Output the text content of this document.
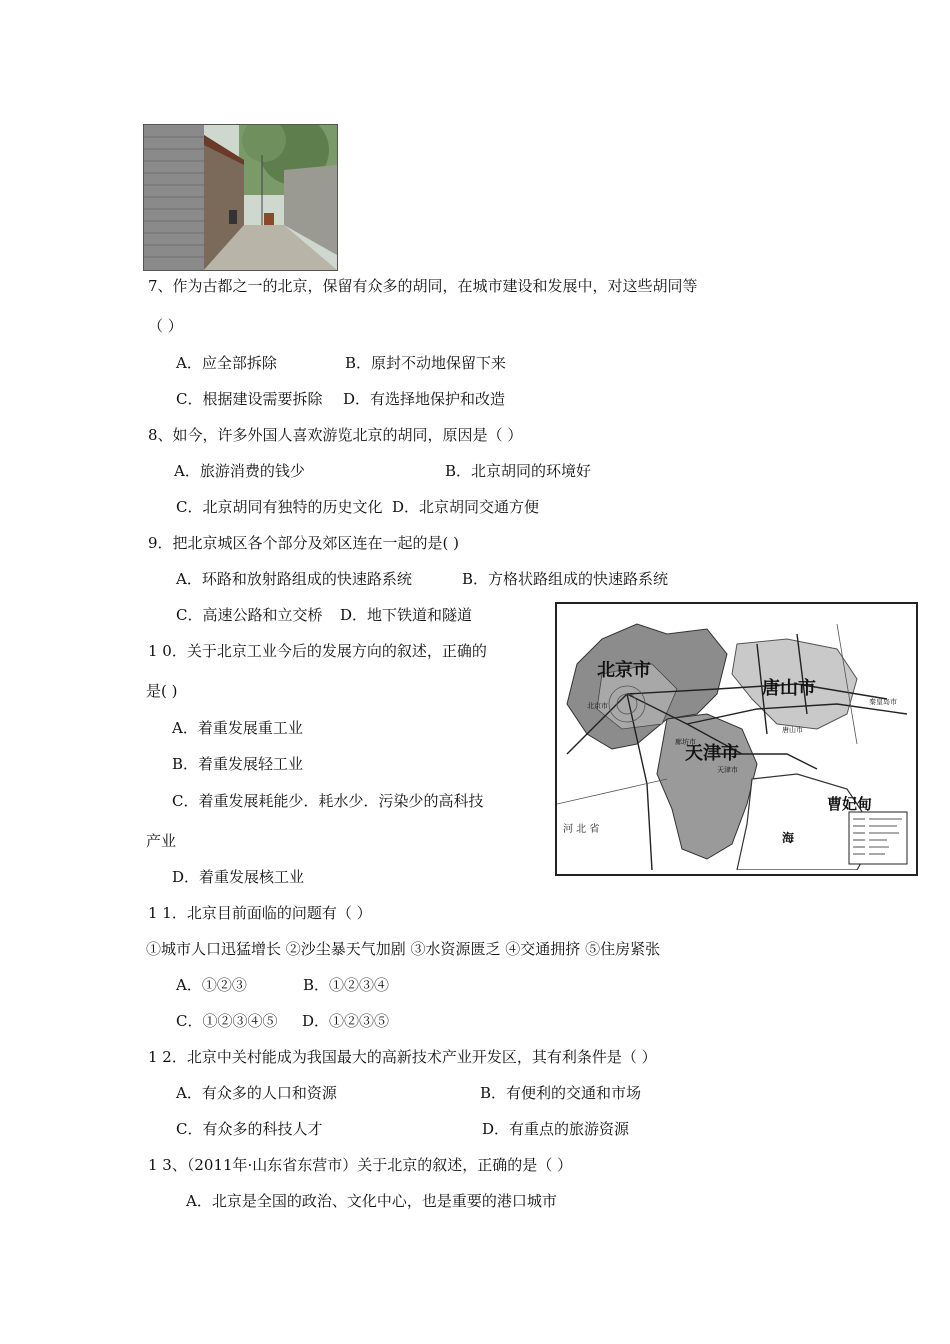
7、作为古都之一的北京，保留有众多的胡同，在城市建设和发展中，对这些胡同等
（ ）
A．应全部拆除	B．原封不动地保留下来
C．根据建设需要拆除 D．有选择地保护和改造
8、如今，许多外国人喜欢游览北京的胡同，原因是（ ）
A．旅游消费的钱少	B．北京胡同的环境好
C．北京胡同有独特的历史文化 D．北京胡同交通方便
9．把北京城区各个部分及郊区连在一起的是( )
A．环路和放射路组成的快速路系统	B．方格状路组成的快速路系统
C．高速公路和立交桥 D．地下铁道和隧道
北京市
唐山市
天津市
曹妃甸
海
河 北 省
北京市
唐山市
天津市
秦皇岛市
廊坊市
1 0．关于北京工业今后的发展方向的叙述，正确的
是( )
A．着重发展重工业
B．着重发展轻工业
C．着重发展耗能少．耗水少．污染少的高科技
产业
D．着重发展核工业
1 1．北京目前面临的问题有（ ）
①城市人口迅猛增长 ②沙尘暴天气加剧 ③水资源匮乏 ④交通拥挤 ⑤住房紧张
A．①②③	B．①②③④
C．①②③④⑤ D．①②③⑤
1 2．北京中关村能成为我国最大的高新技术产业开发区，其有利条件是（ ）
A．有众多的人口和资源	B．有便利的交通和市场
C．有众多的科技人才	D．有重点的旅游资源
1 3、（2011年·山东省东营市）关于北京的叙述，正确的是（ ）
A．北京是全国的政治、文化中心，也是重要的港口城市
